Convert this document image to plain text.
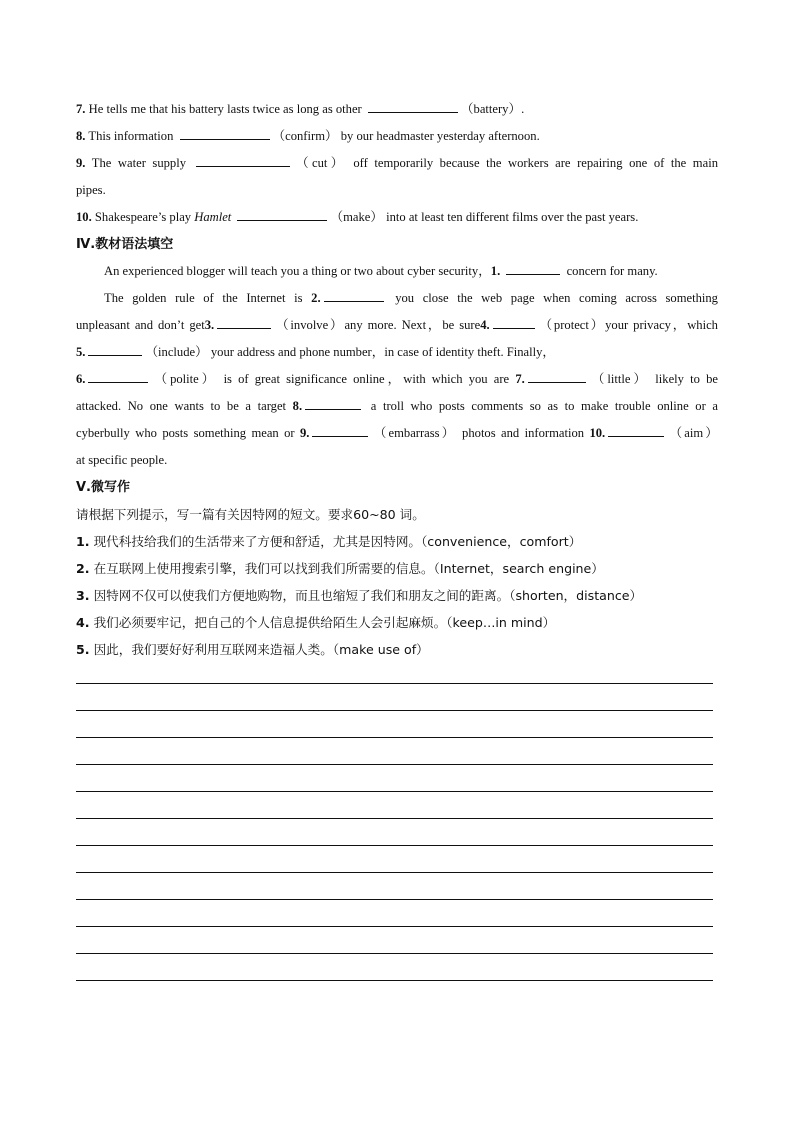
7. He tells me that his battery lasts twice as long as other	（battery）.
8. This information	（confirm） by our headmaster yesterday afternoon.
9. The water supply	（cut） off temporarily because the workers are repairing one of the main
pipes.
10. Shakespeare’s play Hamlet	（make） into at least ten different films over the past years.
Ⅳ.教材语法填空
An experienced blogger will teach you a thing or two about cyber security，1.	concern for many.
The golden rule of the Internet is 2.	you close the web page when coming across something
unpleasant and don’t get3.	（involve）any more. Next，be sure4.	（protect）your privacy，which
5.	（include） your address and phone number，in case of identity theft. Finally，
6.	（polite） is of great significance online，with which you are 7.	（little） likely to be
attacked. No one wants to be a target 8.	a troll who posts comments so as to make trouble online or a
cyberbully who posts something mean or 9.	（embarrass） photos and information 10.	（aim）
at specific people.
Ⅴ.微写作
请根据下列提示，写一篇有关因特网的短文。要求60~80 词。
1. 现代科技给我们的生活带来了方便和舒适，尤其是因特网。（convenience，comfort）
2. 在互联网上使用搜索引擎，我们可以找到我们所需要的信息。（Internet，search engine）
3. 因特网不仅可以使我们方便地购物，而且也缩短了我们和朋友之间的距离。（shorten，distance）
4. 我们必须要牢记，把自己的个人信息提供给陌生人会引起麻烦。（keep…in mind）
5. 因此，我们要好好利用互联网来造福人类。（make use of）
